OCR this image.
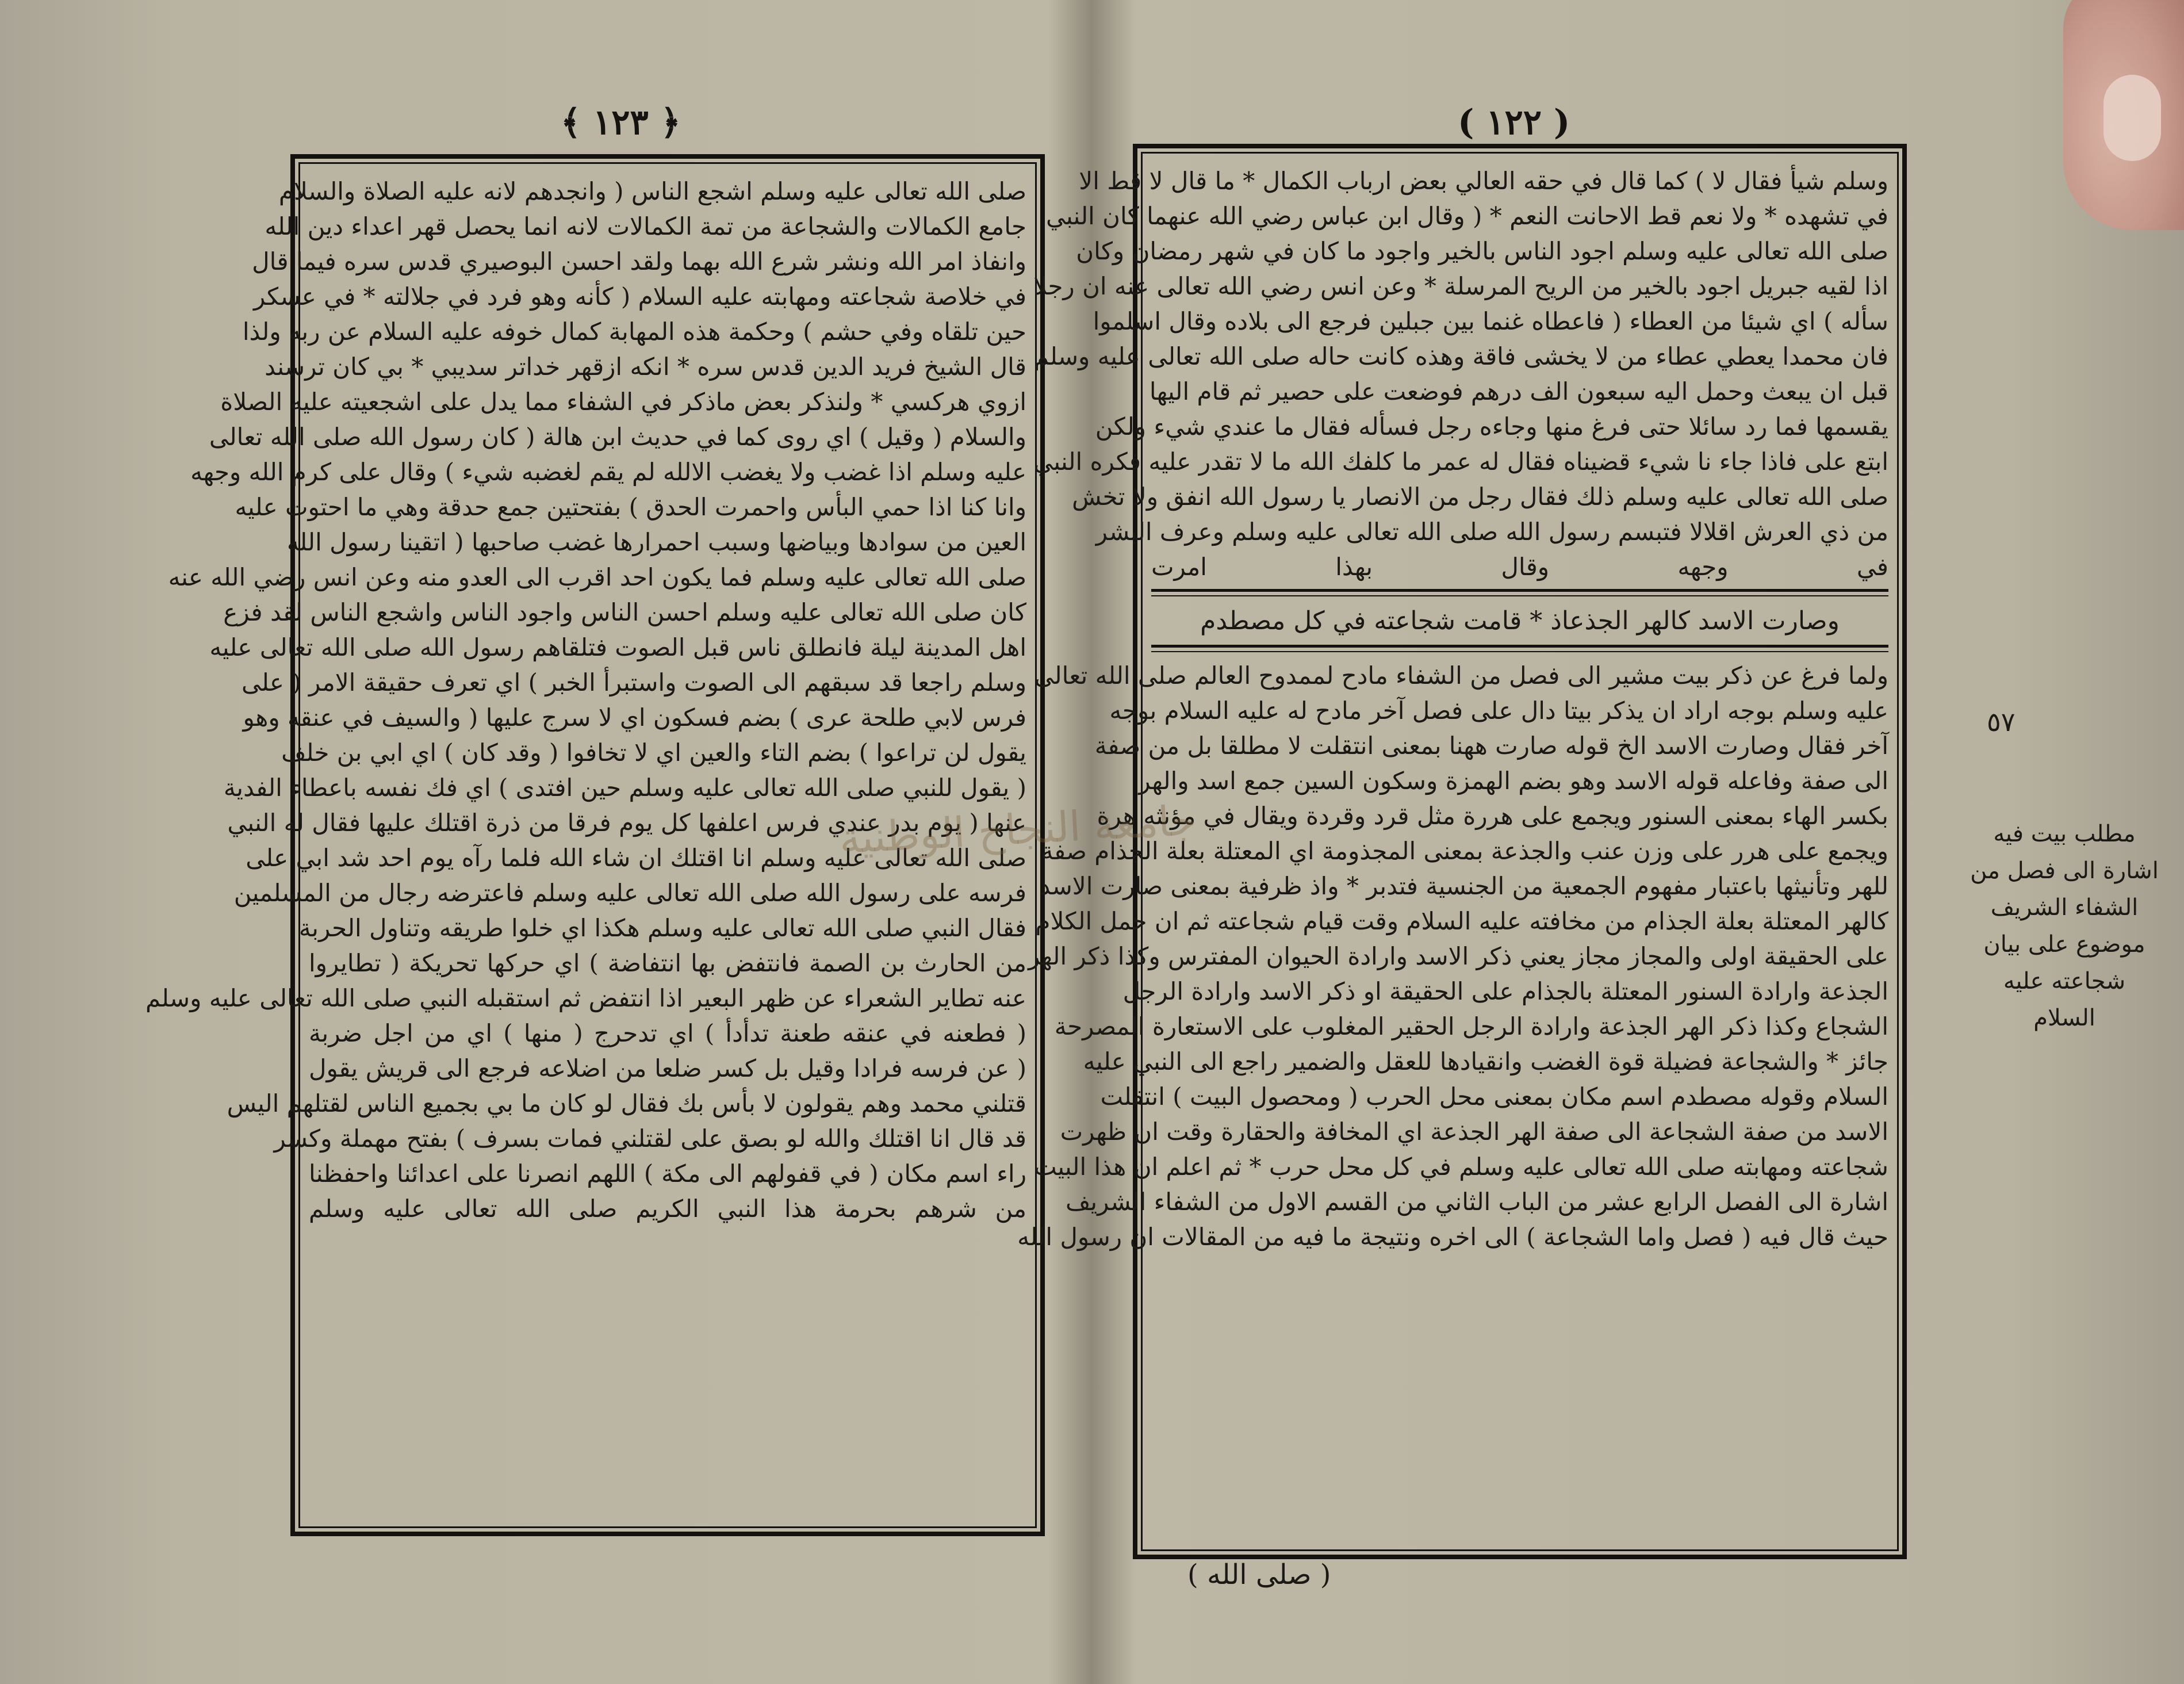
﴿ ١٢٣ ﴾
صلى الله تعالى عليه وسلم اشجع الناس ( وانجدهم لانه عليه الصلاة والسلام
جامع الكمالات والشجاعة من تمة الكمالات لانه انما يحصل قهر اعداء دين الله
وانفاذ امر الله ونشر شرع الله بهما ولقد احسن البوصيري قدس سره فيما قال
في خلاصة شجاعته ومهابته عليه السلام ( كأنه وهو فرد في جلالته * في عسكر
حين تلقاه وفي حشم ) وحكمة هذه المهابة كمال خوفه عليه السلام عن ربه ولذا
قال الشيخ فريد الدين قدس سره * انكه ازقهر خداتر سديبي * بي كان ترسند
ازوي هركسي * ولنذكر بعض ماذكر في الشفاء مما يدل على اشجعيته عليه الصلاة
والسلام ( وقيل ) اي روى كما في حديث ابن هالة ( كان رسول الله صلى الله تعالى
عليه وسلم اذا غضب ولا يغضب الالله لم يقم لغضبه شيء ) وقال على كرم الله وجهه
وانا كنا اذا حمي البأس واحمرت الحدق ) بفتحتين جمع حدقة وهي ما احتوت عليه
العين من سوادها وبياضها وسبب احمرارها غضب صاحبها ( اتقينا رسول الله
صلى الله تعالى عليه وسلم فما يكون احد اقرب الى العدو منه وعن انس رضي الله عنه
كان صلى الله تعالى عليه وسلم احسن الناس واجود الناس واشجع الناس لقد فزع
اهل المدينة ليلة فانطلق ناس قبل الصوت فتلقاهم رسول الله صلى الله تعالى عليه
وسلم راجعا قد سبقهم الى الصوت واستبرأ الخبر ) اي تعرف حقيقة الامر ( على
فرس لابي طلحة عرى ) بضم فسكون اي لا سرج عليها ( والسيف في عنقه وهو
يقول لن تراعوا ) بضم التاء والعين اي لا تخافوا ( وقد كان ) اي ابي بن خلف
( يقول للنبي صلى الله تعالى عليه وسلم حين افتدى ) اي فك نفسه باعطاء الفدية
عنها ( يوم بدر عندي فرس اعلفها كل يوم فرقا من ذرة اقتلك عليها فقال له النبي
صلى الله تعالى عليه وسلم انا اقتلك ان شاء الله فلما رآه يوم احد شد ابي على
فرسه على رسول الله صلى الله تعالى عليه وسلم فاعترضه رجال من المسلمين
فقال النبي صلى الله تعالى عليه وسلم هكذا اي خلوا طريقه وتناول الحربة
من الحارث بن الصمة فانتفض بها انتفاضة ) اي حركها تحريكة ( تطايروا
عنه تطاير الشعراء عن ظهر البعير اذا انتفض ثم استقبله النبي صلى الله تعالى عليه وسلم
( فطعنه في عنقه طعنة تدأدأ ) اي تدحرج ( منها ) اي من اجل ضربة
( عن فرسه فرادا وقيل بل كسر ضلعا من اضلاعه فرجع الى قريش يقول
قتلني محمد وهم يقولون لا بأس بك فقال لو كان ما بي بجميع الناس لقتلهم اليس
قد قال انا اقتلك والله لو بصق على لقتلني فمات بسرف ) بفتح مهملة وكسر
راء اسم مكان ( في قفولهم الى مكة ) اللهم انصرنا على اعدائنا واحفظنا
من شرهم بحرمة هذا النبي الكريم صلى الله تعالى عليه وسلم
( ١٢٢ )
وسلم شيأ فقال لا ) كما قال في حقه العالي بعض ارباب الكمال * ما قال لا قط الا
في تشهده * ولا نعم قط الاحانت النعم * ( وقال ابن عباس رضي الله عنهما كان النبي
صلى الله تعالى عليه وسلم اجود الناس بالخير واجود ما كان في شهر رمضان وكان
اذا لقيه جبريل اجود بالخير من الريح المرسلة * وعن انس رضي الله تعالى عنه ان رجلا
سأله ) اي شيئا من العطاء ( فاعطاه غنما بين جبلين فرجع الى بلاده وقال اسلموا
فان محمدا يعطي عطاء من لا يخشى فاقة وهذه كانت حاله صلى الله تعالى عليه وسلم
قبل ان يبعث وحمل اليه سبعون الف درهم فوضعت على حصير ثم قام اليها
يقسمها فما رد سائلا حتى فرغ منها وجاءه رجل فسأله فقال ما عندي شيء ولكن
ابتع على فاذا جاء نا شيء قضيناه فقال له عمر ما كلفك الله ما لا تقدر عليه فكره النبي
صلى الله تعالى عليه وسلم ذلك فقال رجل من الانصار يا رسول الله انفق ولا تخش
من ذي العرش اقلالا فتبسم رسول الله صلى الله تعالى عليه وسلم وعرف البشر
في وجهه وقال بهذا امرت
وصارت الاسد كالهر الجذعاذ * قامت شجاعته في كل مصطدم
ولما فرغ عن ذكر بيت مشير الى فصل من الشفاء مادح لممدوح العالم صلى الله تعالى
عليه وسلم بوجه اراد ان يذكر بيتا دال على فصل آخر مادح له عليه السلام بوجه
آخر فقال وصارت الاسد الخ قوله صارت ههنا بمعنى انتقلت لا مطلقا بل من صفة
الى صفة وفاعله قوله الاسد وهو بضم الهمزة وسكون السين جمع اسد والهر
بكسر الهاء بمعنى السنور ويجمع على هررة مثل قرد وقردة ويقال في مؤنثه هرة
ويجمع على هرر على وزن عنب والجذعة بمعنى المجذومة اي المعتلة بعلة الجذام صفة
للهر وتأنيثها باعتبار مفهوم الجمعية من الجنسية فتدبر * واذ ظرفية بمعنى صارت الاسد
كالهر المعتلة بعلة الجذام من مخافته عليه السلام وقت قيام شجاعته ثم ان حمل الكلام
على الحقيقة اولى والمجاز مجاز يعني ذكر الاسد وارادة الحيوان المفترس وكذا ذكر الهر
الجذعة وارادة السنور المعتلة بالجذام على الحقيقة او ذكر الاسد وارادة الرجل
الشجاع وكذا ذكر الهر الجذعة وارادة الرجل الحقير المغلوب على الاستعارة المصرحة
جائز * والشجاعة فضيلة قوة الغضب وانقيادها للعقل والضمير راجع الى النبي عليه
السلام وقوله مصطدم اسم مكان بمعنى محل الحرب ( ومحصول البيت ) انتقلت
الاسد من صفة الشجاعة الى صفة الهر الجذعة اي المخافة والحقارة وقت ان ظهرت
شجاعته ومهابته صلى الله تعالى عليه وسلم في كل محل حرب * ثم اعلم ان هذا البيت
اشارة الى الفصل الرابع عشر من الباب الثاني من القسم الاول من الشفاء الشريف
حيث قال فيه ( فصل واما الشجاعة ) الى اخره ونتيجة ما فيه من المقالات ان رسول الله
٥٧
مطلب بيت فيه اشارة الى فصل من الشفاء الشريف موضوع على بيان شجاعته عليه السلام
( صلى الله )
جامعة النجاح الوطنية
